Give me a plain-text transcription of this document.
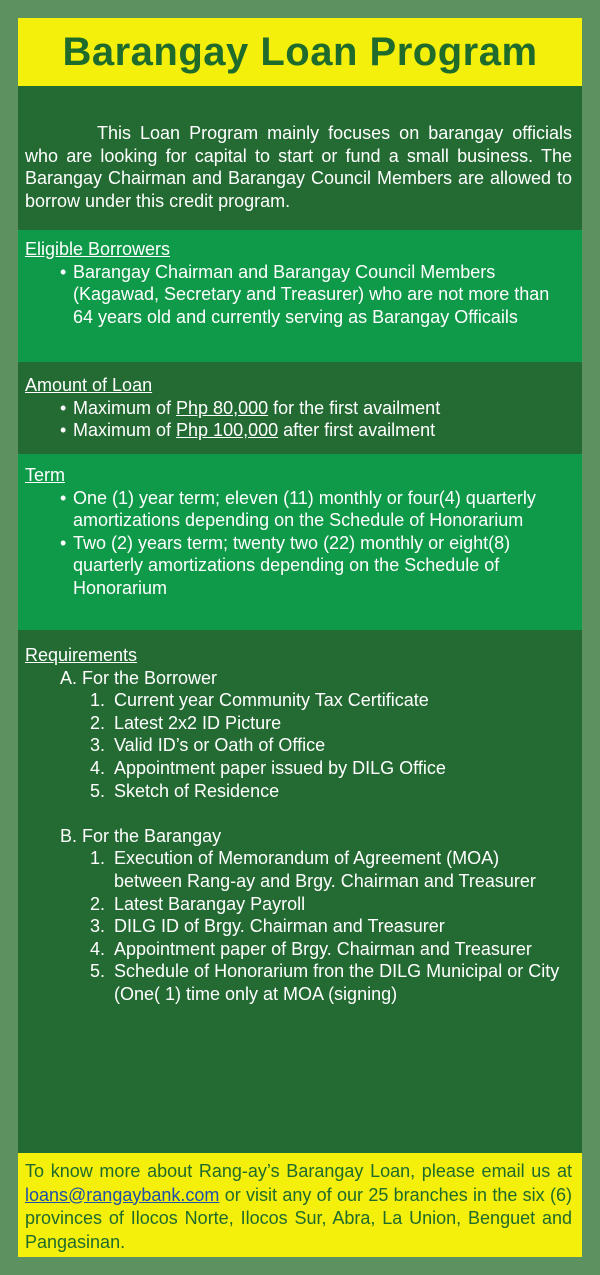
Barangay Loan Program

This Loan Program mainly focuses on barangay officials who are looking for capital to start or fund a small business. The Barangay Chairman and Barangay Council Members are allowed to borrow under this credit program.

Eligible Borrowers
• Barangay Chairman and Barangay Council Members (Kagawad, Secretary and Treasurer) who are not more than 64 years old and currently serving as Barangay Officails
Amount of Loan
• Maximum of Php 80,000 for the first availment
• Maximum of Php 100,000 after first availment
Term
• One (1) year term; eleven (11) monthly or four(4) quarterly amortizations depending on the Schedule of Honorarium
• Two (2) years term; twenty two (22) monthly or eight(8) quarterly amortizations depending on the Schedule of Honorarium
Requirements
A. For the Borrower
1. Current year Community Tax Certificate
2. Latest 2x2 ID Picture
3. Valid ID’s or Oath of Office
4. Appointment paper issued by DILG Office
5. Sketch of Residence
B. For the Barangay
1. Execution of Memorandum of Agreement (MOA) between Rang-ay and Brgy. Chairman and Treasurer
2. Latest Barangay Payroll
3. DILG ID of Brgy. Chairman and Treasurer
4. Appointment paper of Brgy. Chairman and Treasurer
5. Schedule of Honorarium fron the DILG Municipal or City (One( 1) time only at MOA (signing)
To know more about Rang-ay’s Barangay Loan, please email us at loans@rangaybank.com or visit any of our 25 branches in the six (6) provinces of Ilocos Norte, Ilocos Sur, Abra, La Union, Benguet and Pangasinan.
